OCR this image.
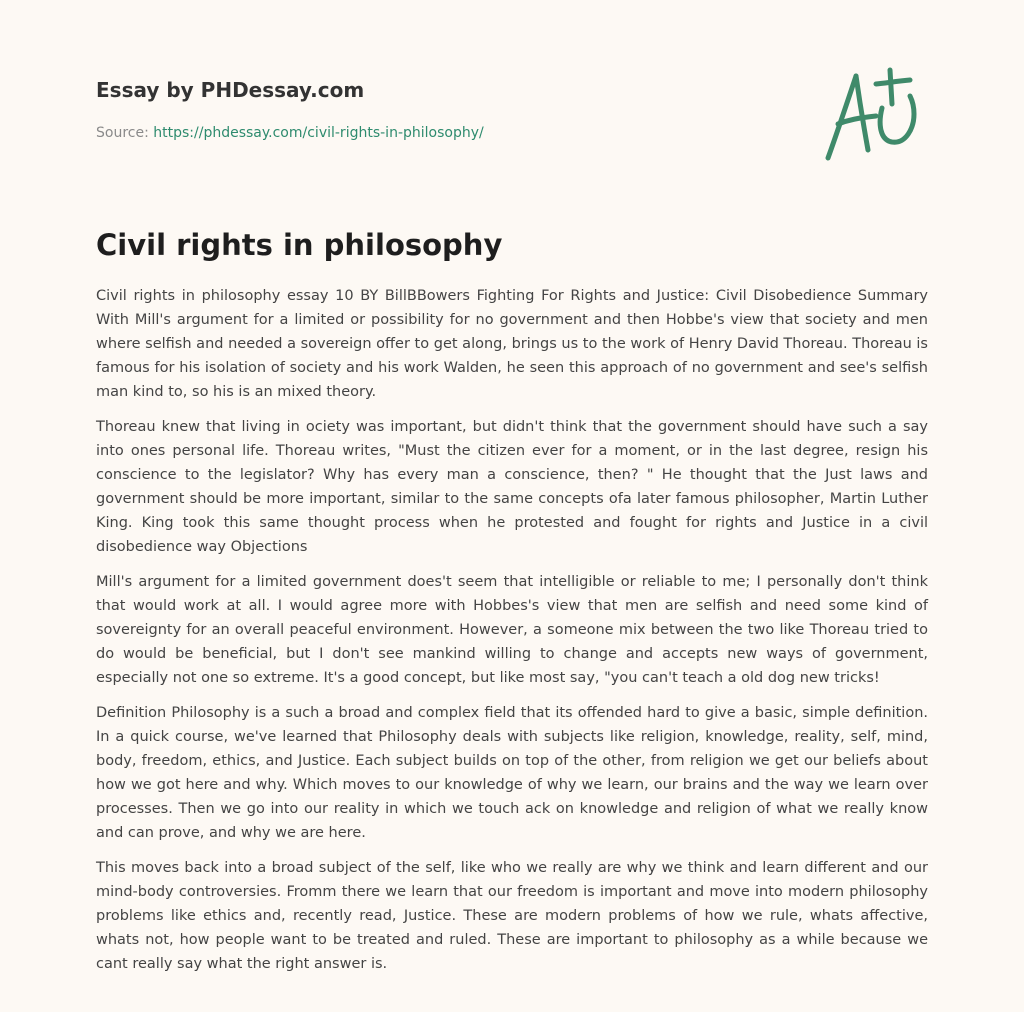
Essay by PHDessay.com
Source: https://phdessay.com/civil-rights-in-philosophy/
Civil rights in philosophy

Civil rights in philosophy essay 10 BY BillBBowers Fighting For Rights and Justice: Civil Disobedience Summary With Mill's argument for a limited or possibility for no government and then Hobbe's view that society and men where selfish and needed a sovereign offer to get along, brings us to the work of Henry David Thoreau. Thoreau is famous for his isolation of society and his work Walden, he seen this approach of no government and see's selfish man kind to, so his is an mixed theory.

Thoreau knew that living in ociety was important, but didn't think that the government should have such a say into ones personal life. Thoreau writes, "Must the citizen ever for a moment, or in the last degree, resign his conscience to the legislator? Why has every man a conscience, then? " He thought that the Just laws and government should be more important, similar to the same concepts ofa later famous philosopher, Martin Luther King. King took this same thought process when he protested and fought for rights and Justice in a civil disobedience way Objections

Mill's argument for a limited government does't seem that intelligible or reliable to me; I personally don't think that would work at all. I would agree more with Hobbes's view that men are selfish and need some kind of sovereignty for an overall peaceful environment. However, a someone mix between the two like Thoreau tried to do would be beneficial, but I don't see mankind willing to change and accepts new ways of government, especially not one so extreme. It's a good concept, but like most say, "you can't teach a old dog new tricks!

Definition Philosophy is a such a broad and complex field that its offended hard to give a basic, simple definition. In a quick course, we've learned that Philosophy deals with subjects like religion, knowledge, reality, self, mind, body, freedom, ethics, and Justice. Each subject builds on top of the other, from religion we get our beliefs about how we got here and why. Which moves to our knowledge of why we learn, our brains and the way we learn over processes. Then we go into our reality in which we touch ack on knowledge and religion of what we really know and can prove, and why we are here.

This moves back into a broad subject of the self, like who we really are why we think and learn different and our mind-body controversies. Fromm there we learn that our freedom is important and move into modern philosophy problems like ethics and, recently read, Justice. These are modern problems of how we rule, whats affective, whats not, how people want to be treated and ruled. These are important to philosophy as a while because we cant really say what the right answer is.
